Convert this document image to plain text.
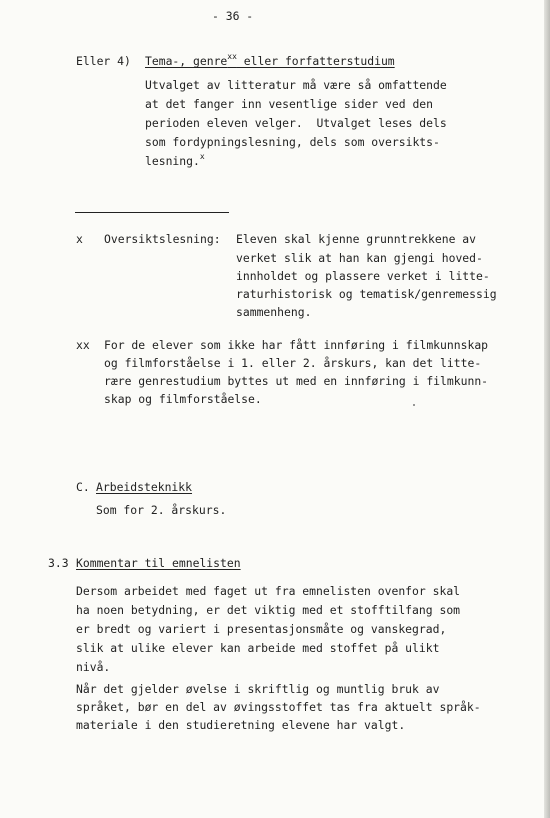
- 36 -
Eller 4) Tema-, genre$^{xx}$ eller forfatterstudium
Utvalget av litteratur må være så omfattende
at det fanger inn vesentlige sider ved den
perioden eleven velger.  Utvalget leses dels
som fordypningslesning, dels som oversikts-
lesning.$^x$
x Oversiktslesning: Eleven skal kjenne grunntrekkene av
verket slik at han kan gjengi hoved-
innholdet og plassere verket i litte-
raturhistorisk og tematisk/genremessig
sammenheng.
xx For de elever som ikke har fått innføring i filmkunnskap
og filmforståelse i 1. eller 2. årskurs, kan det litte-
rære genrestudium byttes ut med en innføring i filmkunn-
skap og filmforståelse.
C. Arbeidsteknikk
Som for 2. årskurs.
3.3 Kommentar til emnelisten
Dersom arbeidet med faget ut fra emnelisten ovenfor skal
ha noen betydning, er det viktig med et stofftilfang som
er bredt og variert i presentasjonsmåte og vanskegrad,
slik at ulike elever kan arbeide med stoffet på ulikt
nivå.
Når det gjelder øvelse i skriftlig og muntlig bruk av
språket, bør en del av øvingsstoffet tas fra aktuelt språk-
materiale i den studieretning elevene har valgt.
